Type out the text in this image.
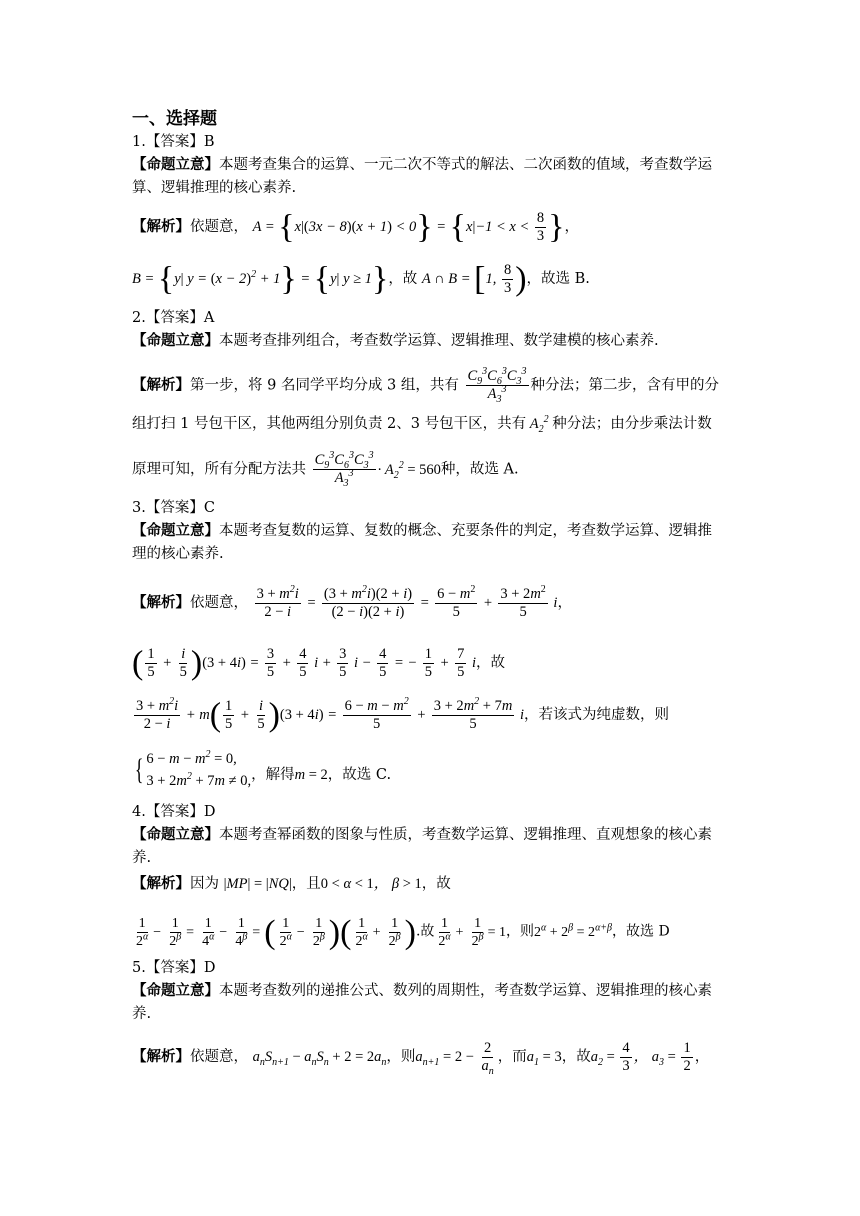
一、选择题
1.【答案】B
【命题立意】本题考查集合的运算、一元二次不等式的解法、二次函数的值域，考查数学运
算、逻辑推理的核心素养.
【解析】依题意， $A = \{x|(3x - 8)(x + 1) < 0\} = \{x|-1 < x < \frac{8}{3}$ }，
B = {y| $y = (x - 2)^2 + 1\} = \{y|$ y ≥ 1}，故 A ∩ B = [1, $\frac{8}{3}$ )，故选 B.
2.【答案】A
【命题立意】本题考查排列组合，考查数学运算、逻辑推理、数学建模的核心素养.
【解析】第一步，将 9 名同学平均分成 3 组，共有 $\frac{C_9^3C_6^3C_3^3}{A_3^3}$ 种分法；第二步，含有甲的分
组打扫 1 号包干区，其他两组分别负责 2、3 号包干区，共有 $A_2^2$ 种分法；由分步乘法计数
原理可知，所有分配方法共 $\frac{C_9^3C_6^3C_3^3}{A_3^3} \cdot A_2^2 = 560$种，故选 A.
3.【答案】C
【命题立意】本题考查复数的运算、复数的概念、充要条件的判定，考查数学运算、逻辑推
理的核心素养.
【解析】依题意， $\frac{3 + m^2i}{2 - i} = \frac{(3 + m^2i)(2 + i)}{(2 - i)(2 + i)} = \frac{6 - m^2}{5} + \frac{3 + 2m^2}{5}$ i，
( $\frac{1}{5} + \frac{i}{5} )(3 + 4i) = \frac{3}{5} + \frac{4}{5}$ $i + \frac{3}{5}$ $i - \frac{4}{5}$ = − $\frac{1}{5} + \frac{7}{5}$ i，故
$\frac{3 + m^2i}{2 - i} + m( \frac{1}{5} + \frac{i}{5} )(3 + 4i) = \frac{6 - m - m^2}{5} + \frac{3 + 2m^2 + 7m}{5}$ i，若该式为纯虚数，则
{ $6 - m - m^2 = 0$,
$3 + 2m^2 + 7m \ne 0$, ，解得m = 2，故选 C.
4.【答案】D
【命题立意】本题考查幂函数的图象与性质，考查数学运算、逻辑推理、直观想象的核心素
养.
【解析】因为 |MP| = |NQ|，且0 < α < 1， β > 1，故
$\frac{1}{2^\alpha} - \frac{1}{2^\beta} = \frac{1}{4^\alpha} - \frac{1}{4^\beta}$ = ( $\frac{1}{2^\alpha} - \frac{1}{2^\beta}$ )( $\frac{1}{2^\alpha} + \frac{1}{2^\beta}$ ).故 $\frac{1}{2^\alpha} + \frac{1}{2^\beta} = 1$，则$2^\alpha + 2^\beta = 2^{\alpha+\beta}$，故选 D
5.【答案】D
【命题立意】本题考查数列的递推公式、数列的周期性，考查数学运算、逻辑推理的核心素
养.
【解析】依题意， $a_nS_{n+1} - a_nS_n + 2 = 2a_n$，则$a_{n+1} = 2 - \frac{2}{a_n}$ ，而$a_1 = 3$，故$a_2 = \frac{4}{3}$ ， $a_3 = \frac{1}{2}$ ，
